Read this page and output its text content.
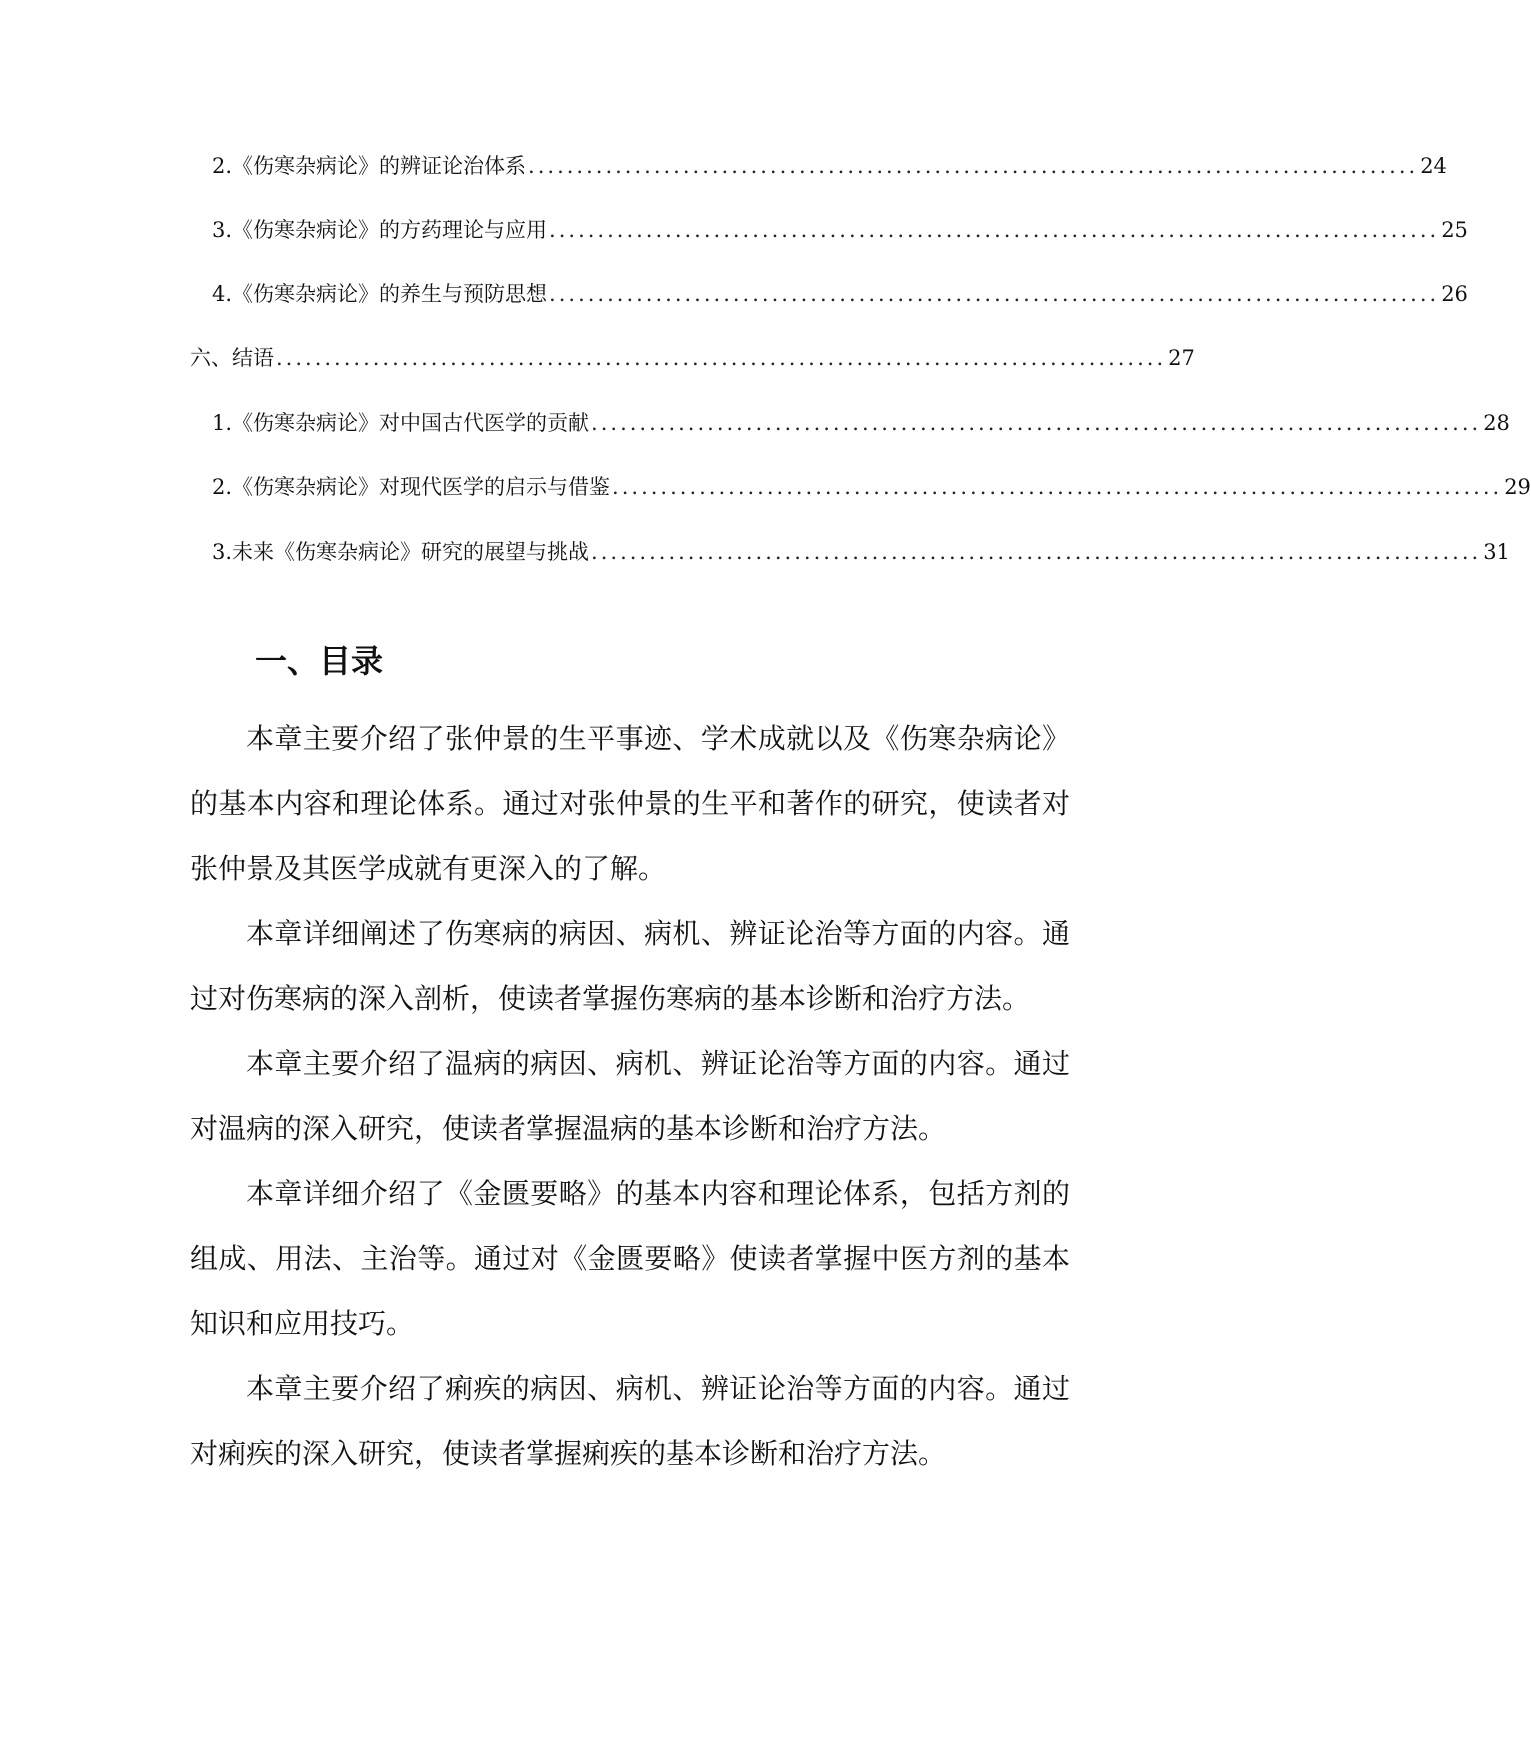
2. 《伤寒杂病论》的辨证论治体系 ............................................................................................ 24
3. 《伤寒杂病论》的方药理论与应用 ............................................................................................ 25
4. 《伤寒杂病论》的养生与预防思想 ............................................................................................ 26
六、结语 ............................................................................................ 27
1. 《伤寒杂病论》对中国古代医学的贡献 ............................................................................................ 28
2. 《伤寒杂病论》对现代医学的启示与借鉴 ............................................................................................ 29
3. 未来《伤寒杂病论》研究的展望与挑战 ............................................................................................ 31
一、目录

本章主要介绍了张仲景的生平事迹、学术成就以及《伤寒杂病论》的基本内容和理论体系。通过对张仲景的生平和著作的研究，使读者对张仲景及其医学成就有更深入的了解。

本章详细阐述了伤寒病的病因、病机、辨证论治等方面的内容。通过对伤寒病的深入剖析，使读者掌握伤寒病的基本诊断和治疗方法。

本章主要介绍了温病的病因、病机、辨证论治等方面的内容。通过对温病的深入研究，使读者掌握温病的基本诊断和治疗方法。

本章详细介绍了《金匮要略》的基本内容和理论体系，包括方剂的组成、用法、主治等。通过对《金匮要略》使读者掌握中医方剂的基本知识和应用技巧。

本章主要介绍了痢疾的病因、病机、辨证论治等方面的内容。通过对痢疾的深入研究，使读者掌握痢疾的基本诊断和治疗方法。
